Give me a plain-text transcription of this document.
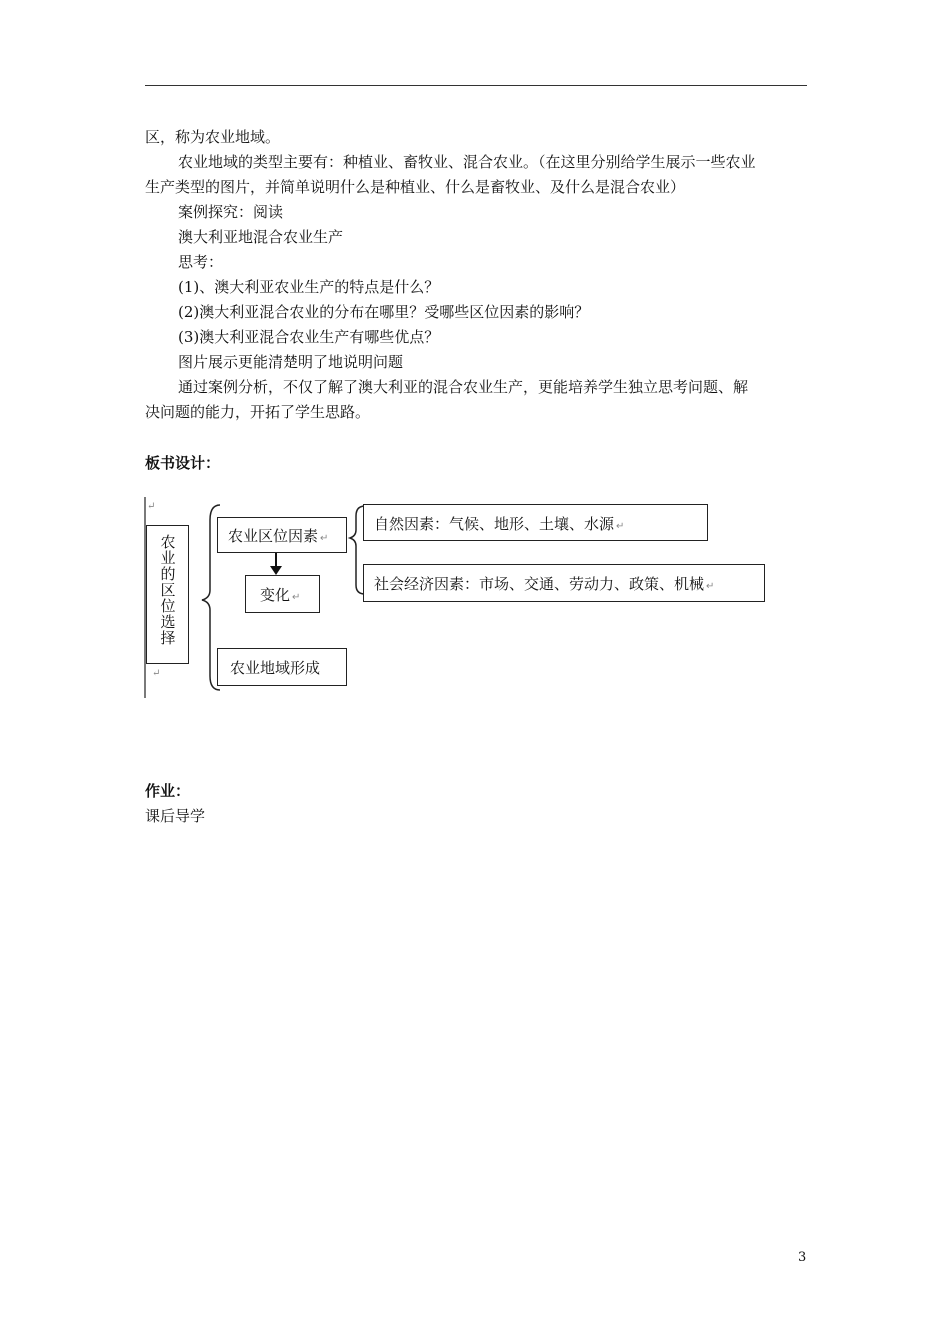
区，称为农业地域。
农业地域的类型主要有：种植业、畜牧业、混合农业。（在这里分别给学生展示一些农业
生产类型的图片，并简单说明什么是种植业、什么是畜牧业、及什么是混合农业）
案例探究：阅读
澳大利亚地混合农业生产
思考：
(1)、澳大利亚农业生产的特点是什么？
(2)澳大利亚混合农业的分布在哪里？受哪些区位因素的影响？
(3)澳大利亚混合农业生产有哪些优点？
图片展示更能清楚明了地说明问题
通过案例分析，不仅了解了澳大利亚的混合农业生产，更能培养学生独立思考问题、解
决问题的能力，开拓了学生思路。
板书设计：
↵
农业的区位选择
↵
农业区位因素 ↵
变化 ↵
农业地域形成
自然因素：气候、地形、土壤、水源 ↵
社会经济因素：市场、交通、劳动力、政策、机械 ↵
作业：
课后导学
3
